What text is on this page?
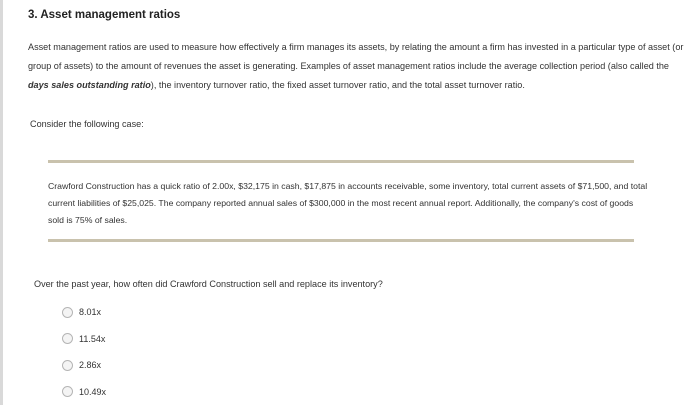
3. Asset management ratios

Asset management ratios are used to measure how effectively a firm manages its assets, by relating the amount a firm has invested in a particular type of asset (or group of assets) to the amount of revenues the asset is generating. Examples of asset management ratios include the average collection period (also called the days sales outstanding ratio), the inventory turnover ratio, the fixed asset turnover ratio, and the total asset turnover ratio.

Consider the following case:

Crawford Construction has a quick ratio of 2.00x, $32,175 in cash, $17,875 in accounts receivable, some inventory, total current assets of $71,500, and total current liabilities of $25,025. The company reported annual sales of $300,000 in the most recent annual report. Additionally, the company's cost of goods sold is 75% of sales.

Over the past year, how often did Crawford Construction sell and replace its inventory?
8.01x
11.54x
2.86x
10.49x
